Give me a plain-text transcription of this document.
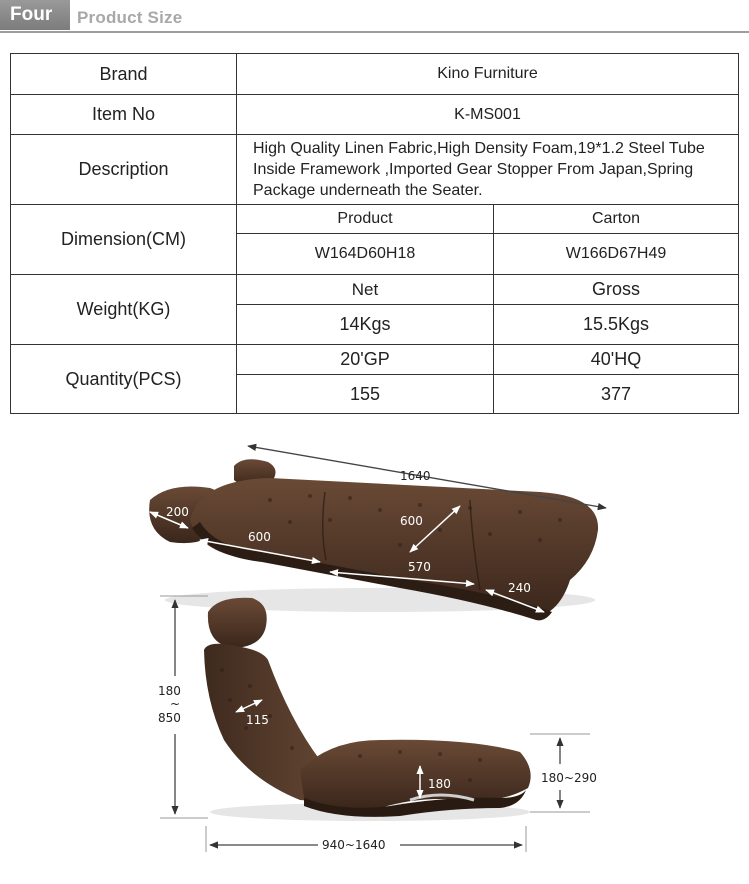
Four	Product Size
Brand	Kino Furniture
Item No	K-MS001
Description
High Quality Linen Fabric,High Density Foam,19*1.2 Steel Tube Inside Framework ,Imported Gear Stopper From Japan,Spring Package underneath the Seater.
Dimension(CM)
Product	Carton
W164D60H18	W166D67H49
Weight(KG)
Net	Gross
14Kgs	15.5Kgs
Quantity(PCS)
20'GP	40'HQ
155	377
1640
200
600
600
570
240
180
~
850	115
180	180~290
940~1640
